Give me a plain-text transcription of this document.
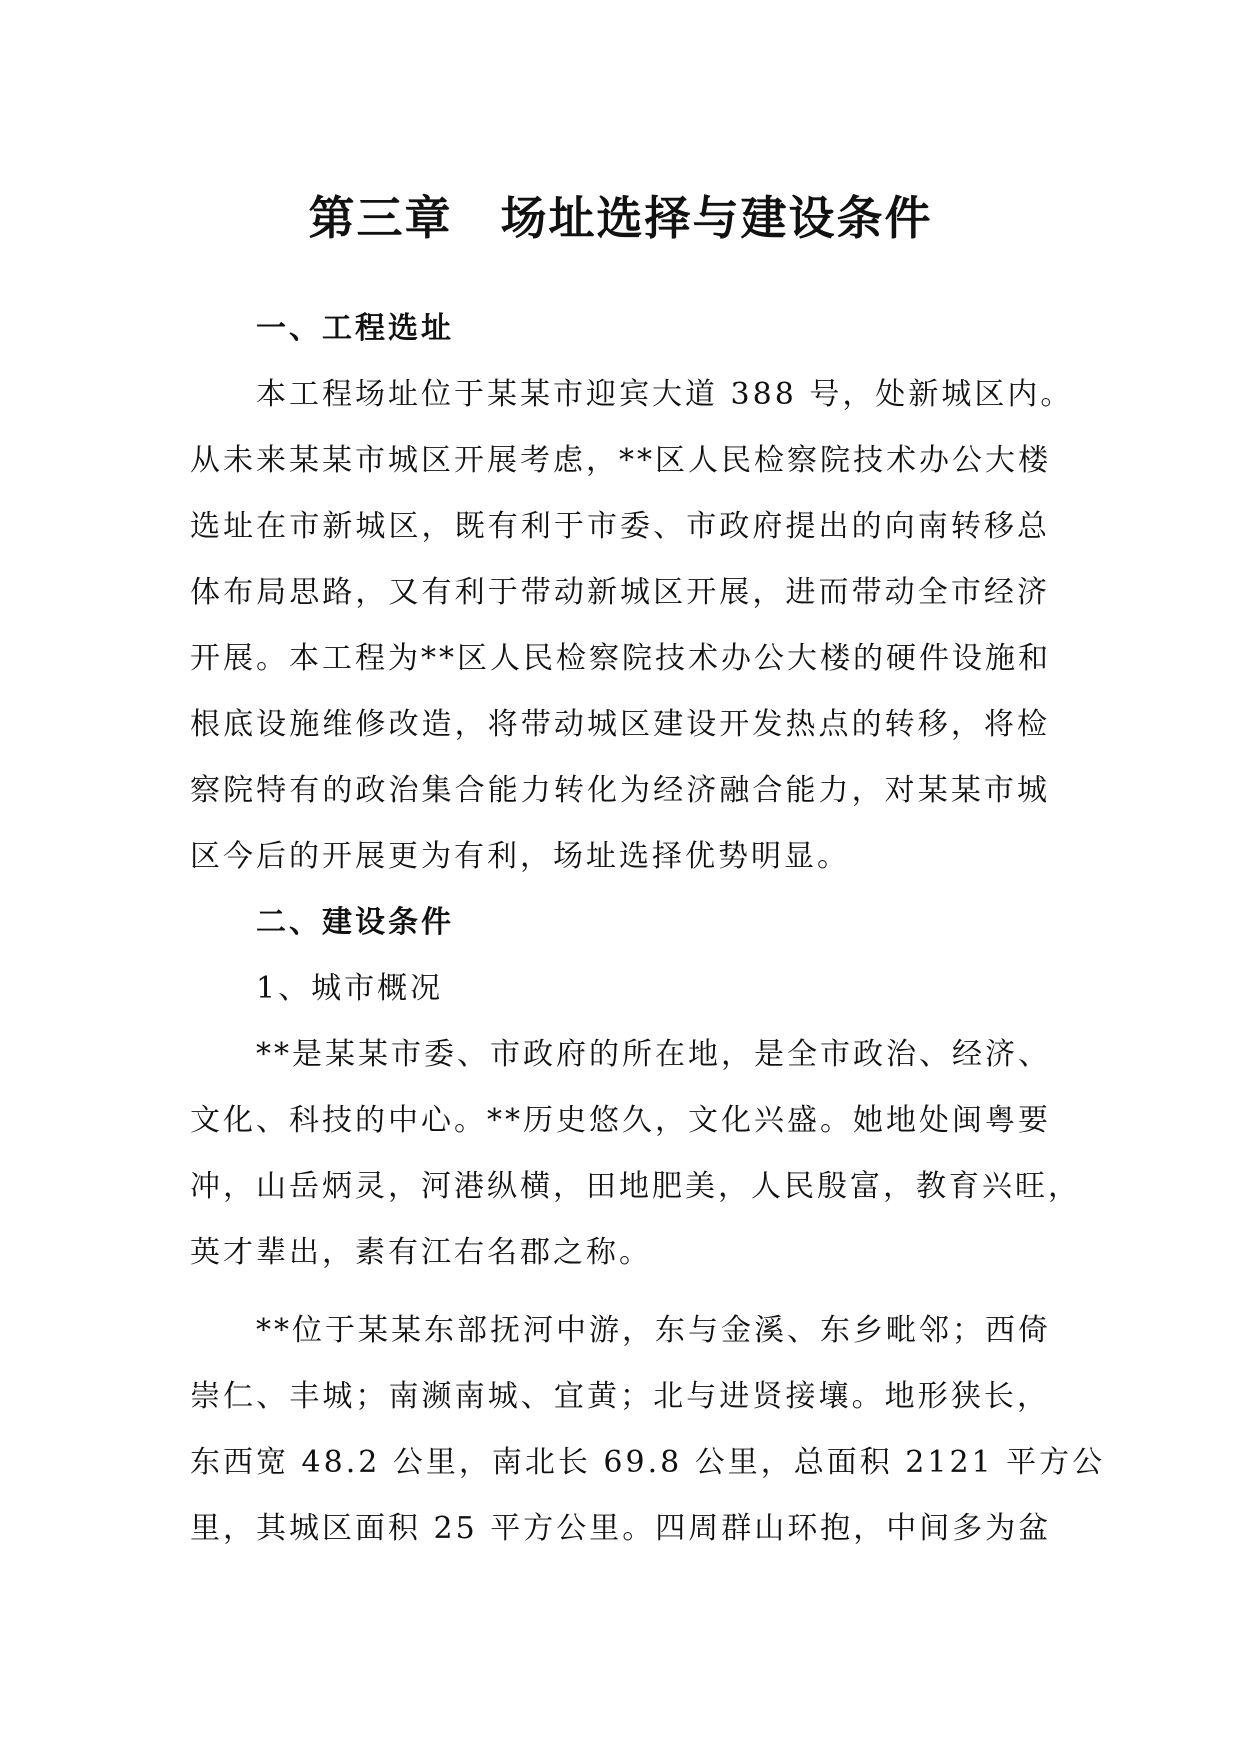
第三章　场址选择与建设条件

一、工程选址

本工程场址位于某某市迎宾大道 388 号，处新城区内。
从未来某某市城区开展考虑，**区人民检察院技术办公大楼
选址在市新城区，既有利于市委、市政府提出的向南转移总
体布局思路，又有利于带动新城区开展，进而带动全市经济
开展。本工程为**区人民检察院技术办公大楼的硬件设施和
根底设施维修改造，将带动城区建设开发热点的转移，将检
察院特有的政治集合能力转化为经济融合能力，对某某市城
区今后的开展更为有利，场址选择优势明显。

二、建设条件

1、城市概况

**是某某市委、市政府的所在地，是全市政治、经济、
文化、科技的中心。**历史悠久，文化兴盛。她地处闽粤要
冲，山岳炳灵，河港纵横，田地肥美，人民殷富，教育兴旺，
英才辈出，素有江右名郡之称。

**位于某某东部抚河中游，东与金溪、东乡毗邻；西倚
崇仁、丰城；南濒南城、宜黄；北与进贤接壤。地形狭长，
东西宽 48.2 公里，南北长 69.8 公里，总面积 2121 平方公
里，其城区面积 25 平方公里。四周群山环抱，中间多为盆
